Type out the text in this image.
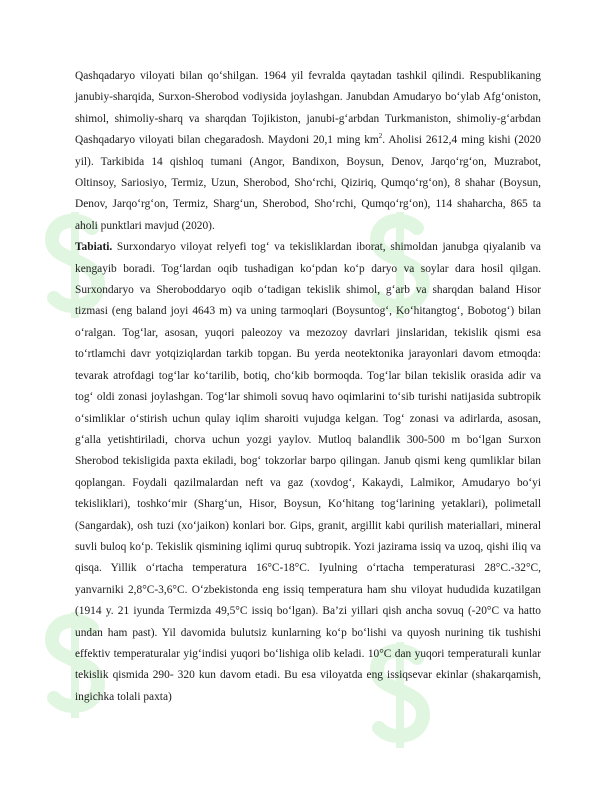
Qashqadaryo viloyati bilan qo‘shilgan. 1964 yil fevralda qaytadan tashkil qilindi. Respublikaning janubiy-sharqida, Surxon-Sherobod vodiysida joylashgan. Janubdan Amudaryo bo‘ylab Afg‘oniston, shimol, shimoliy-sharq va sharqdan Tojikiston, janubi-g‘arbdan Turkmaniston, shimoliy-g‘arbdan Qashqadaryo viloyati bilan chegaradosh. Maydoni 20,1 ming $km^2$. Aholisi 2612,4 ming kishi (2020 yil). Tarkibida 14 qishloq tumani (Angor, Bandixon, Boysun, Denov, Jarqo‘rg‘on, Muzrabot, Oltinsoy, Sariosiyo, Termiz, Uzun, Sherobod, Sho‘rchi, Qiziriq, Qumqo‘rg‘on), 8 shahar (Boysun, Denov, Jarqo‘rg‘on, Termiz, Sharg‘un, Sherobod, Sho‘rchi, Qumqo‘rg‘on), 114 shaharcha, 865 ta aholi punktlari mavjud (2020).

Tabiati. Surxondaryo viloyat relyefi tog‘ va tekisliklardan iborat, shimoldan janubga qiyalanib va kengayib boradi. Tog‘lardan oqib tushadigan ko‘pdan ko‘p daryo va soylar dara hosil qilgan. Surxondaryo va Sheroboddaryo oqib o‘tadigan tekislik shimol, g‘arb va sharqdan baland Hisor tizmasi (eng baland joyi 4643 m) va uning tarmoqlari (Boysuntog‘, Ko‘hitangtog‘, Bobotog‘) bilan o‘ralgan. Tog‘lar, asosan, yuqori paleozoy va mezozoy davrlari jinslaridan, tekislik qismi esa to‘rtlamchi davr yotqiziqlardan tarkib topgan. Bu yerda neotektonika jarayonlari davom etmoqda: tevarak atrofdagi tog‘lar ko‘tarilib, botiq, cho‘kib bormoqda. Tog‘lar bilan tekislik orasida adir va tog‘ oldi zonasi joylashgan. Tog‘lar shimoli sovuq havo oqimlarini to‘sib turishi natijasida subtropik o‘simliklar o‘stirish uchun qulay iqlim sharoiti vujudga kelgan. Tog‘ zonasi va adirlarda, asosan, g‘alla yetishtiriladi, chorva uchun yozgi yaylov. Mutloq balandlik 300-500 m bo‘lgan Surxon Sherobod tekisligida paxta ekiladi, bog‘ tokzorlar barpo qilingan. Janub qismi keng qumliklar bilan qoplangan. Foydali qazilmalardan neft va gaz (xovdog‘, Kakaydi, Lalmikor, Amudaryo bo‘yi tekisliklari), toshko‘mir (Sharg‘un, Hisor, Boysun, Ko‘hitang tog‘larining yetaklari), polimetall (Sangardak), osh tuzi (xo‘jaikon) konlari bor. Gips, granit, argillit kabi qurilish materiallari, mineral suvli buloq ko‘p. Tekislik qismining iqlimi quruq subtropik. Yozi jazirama issiq va uzoq, qishi iliq va qisqa. Yillik o‘rtacha temperatura 16°C-18°C. Iyulning o‘rtacha temperaturasi 28°C.-32°C, yanvarniki 2,8°C-3,6°C. O‘zbekistonda eng issiq temperatura ham shu viloyat hududida kuzatilgan (1914 y. 21 iyunda Termizda 49,5°C issiq bo‘lgan). Ba’zi yillari qish ancha sovuq (-20°C va hatto undan ham past). Yil davomida bulutsiz kunlarning ko‘p bo‘lishi va quyosh nurining tik tushishi effektiv temperaturalar yig‘indisi yuqori bo‘lishiga olib keladi. 10°C dan yuqori temperaturali kunlar tekislik qismida 290- 320 kun davom etadi. Bu esa viloyatda eng issiqsevar ekinlar (shakarqamish, ingichka tolali paxta)
